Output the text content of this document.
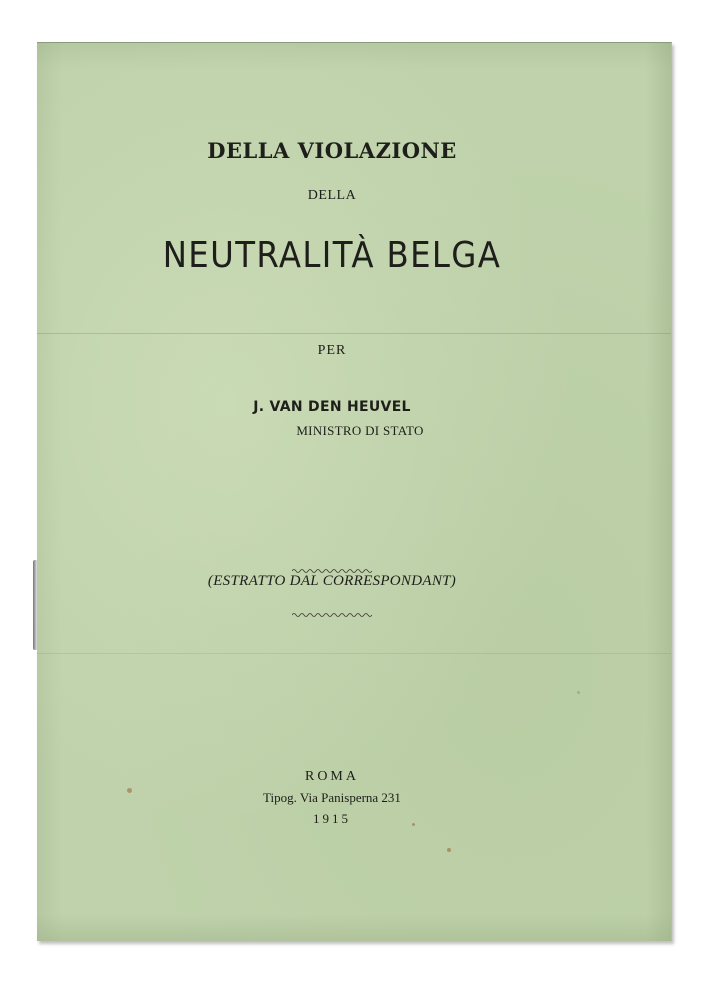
DELLA VIOLAZIONE
DELLA
NEUTRALITÀ BELGA
PER
J. VAN DEN HEUVEL
MINISTRO DI STATO
(ESTRATTO DAL CORRESPONDANT)
ROMA
Tipog. Via Panisperna 231
1915
